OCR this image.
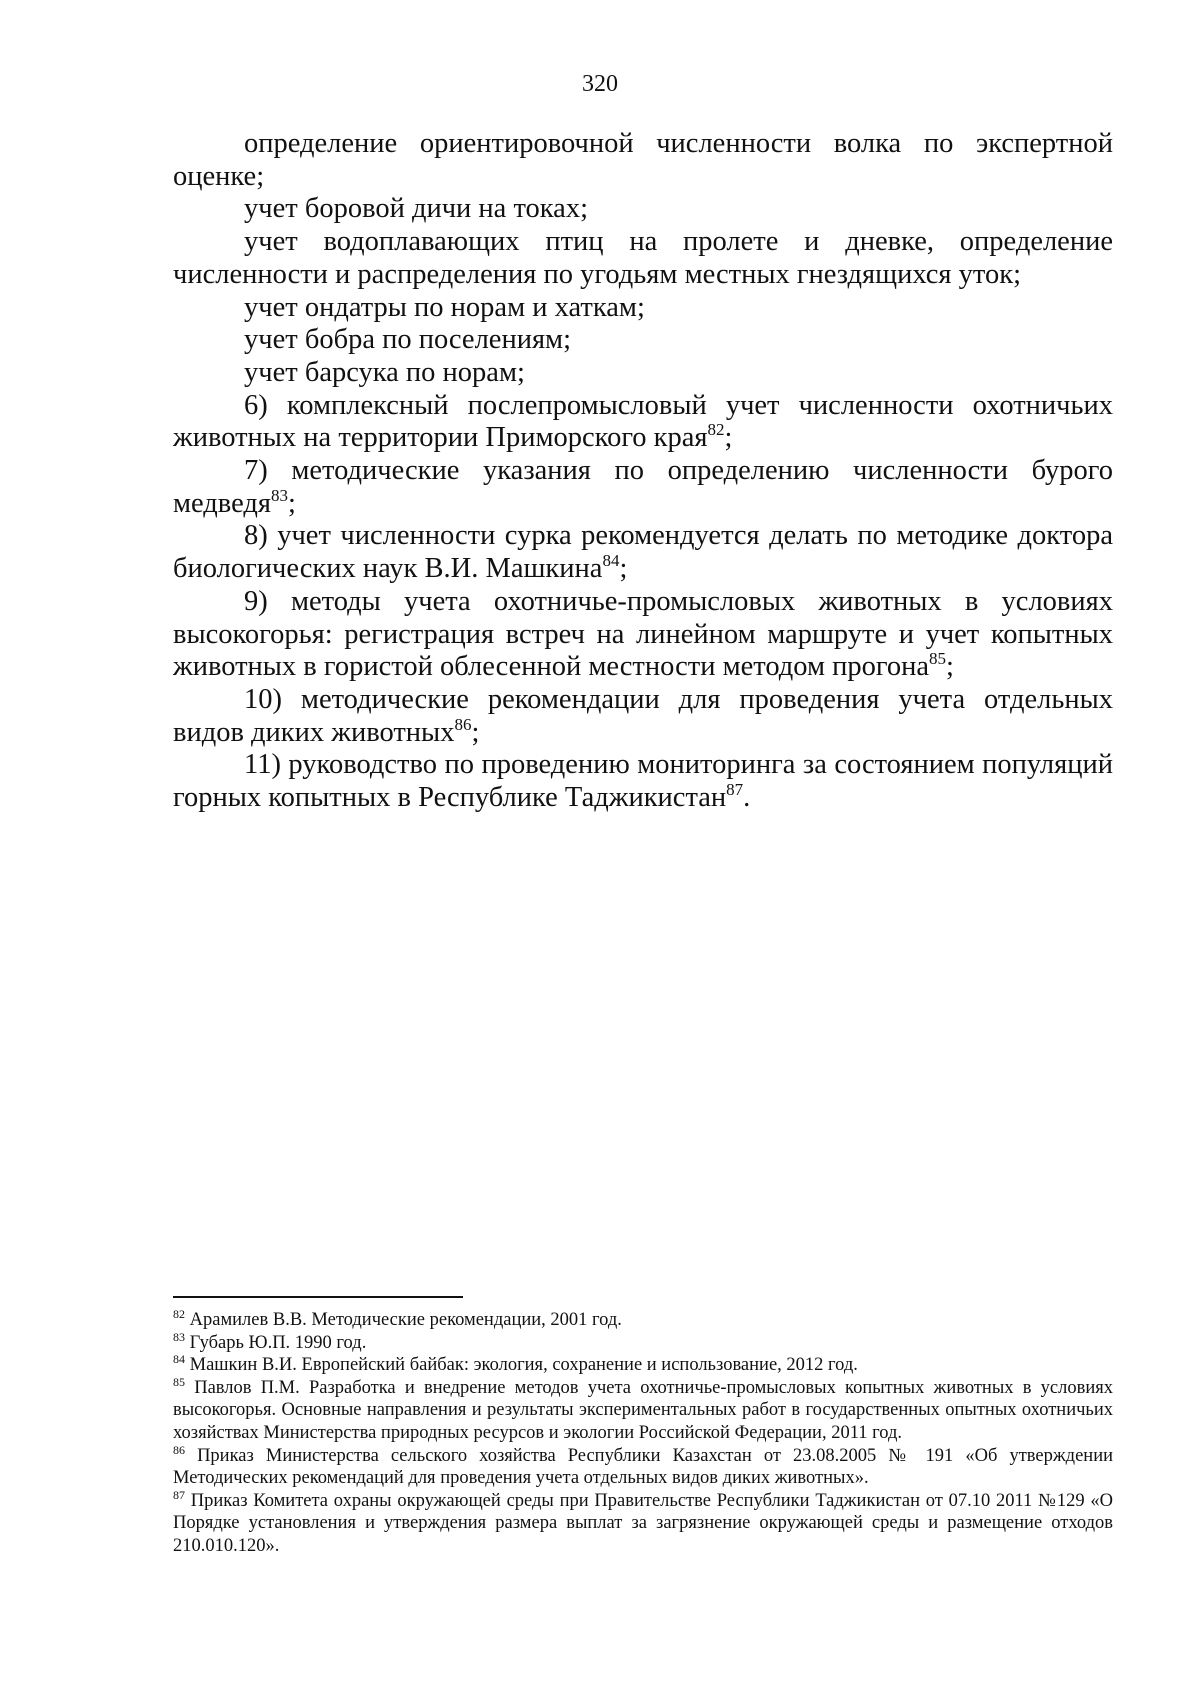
320

определение ориентировочной численности волка по экспертной оценке;

учет боровой дичи на токах;

учет водоплавающих птиц на пролете и дневке, определение численности и распределения по угодьям местных гнездящихся уток;

учет ондатры по норам и хаткам;

учет бобра по поселениям;

учет барсука по норам;

6) комплексный послепромысловый учет численности охотничьих животных на территории Приморского края$^{82}$;

7) методические указания по определению численности бурого медведя$^{83}$;

8) учет численности сурка рекомендуется делать по методике доктора биологических наук В.И. Машкина$^{84}$;

9) методы учета охотничье-промысловых животных в условиях высокогорья: регистрация встреч на линейном маршруте и учет копытных животных в гористой облесенной местности методом прогона$^{85}$;

10) методические рекомендации для проведения учета отдельных видов диких животных$^{86}$;

11) руководство по проведению мониторинга за состоянием популяций горных копытных в Республике Таджикистан$^{87}$.

$^{82}$ Арамилев В.В. Методические рекомендации, 2001 год.

$^{83}$ Губарь Ю.П. 1990 год.

$^{84}$ Машкин В.И. Европейский байбак: экология, сохранение и использование, 2012 год.

$^{85}$ Павлов П.М. Разработка и внедрение методов учета охотничье-промысловых копытных животных в условиях высокогорья. Основные направления и результаты экспериментальных работ в государственных опытных охотничьих хозяйствах Министерства природных ресурсов и экологии Российской Федерации, 2011 год.

$^{86}$ Приказ Министерства сельского хозяйства Республики Казахстан от 23.08.2005 № 191 «Об утверждении Методических рекомендаций для проведения учета отдельных видов диких животных».

$^{87}$ Приказ Комитета охраны окружающей среды при Правительстве Республики Таджикистан от 07.10 2011 №129 «О Порядке установления и утверждения размера выплат за загрязнение окружающей среды и размещение отходов 210.010.120».
